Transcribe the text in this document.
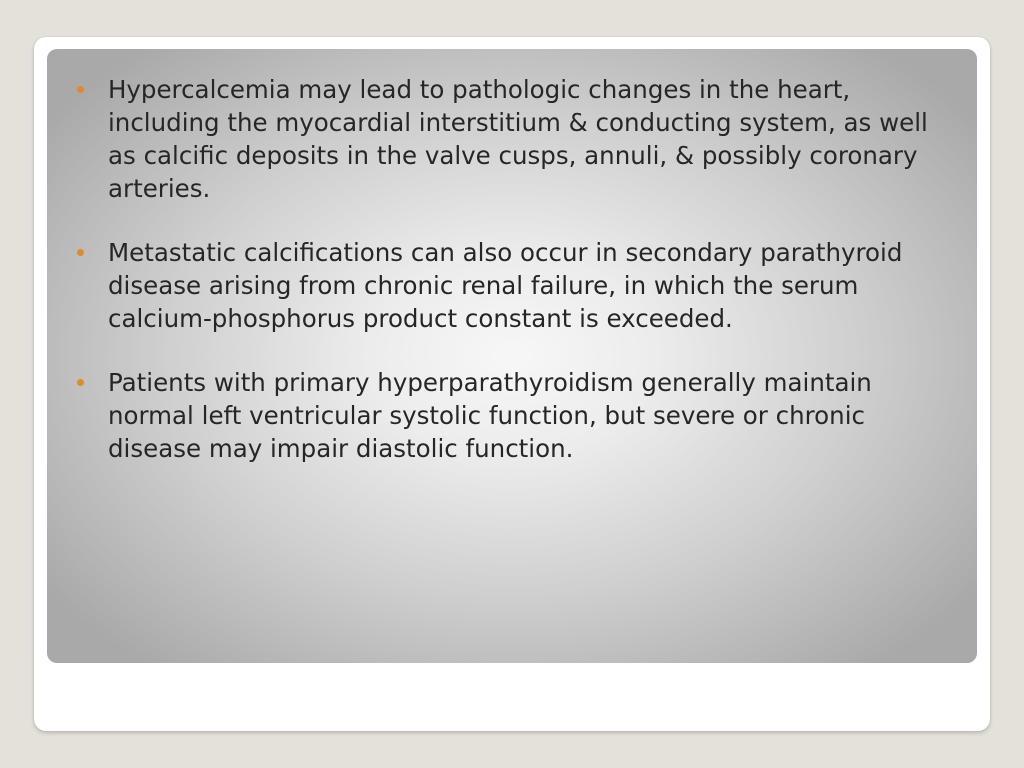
Hypercalcemia may lead to pathologic changes in the heart, including the myocardial interstitium & conducting system, as well as calcific deposits in the valve cusps, annuli, & possibly coronary arteries.
Metastatic calcifications can also occur in secondary parathyroid disease arising from chronic renal failure, in which the serum calcium-phosphorus product constant is exceeded.
Patients with primary hyperparathyroidism generally maintain normal left ventricular systolic function, but severe or chronic disease may impair diastolic function.
